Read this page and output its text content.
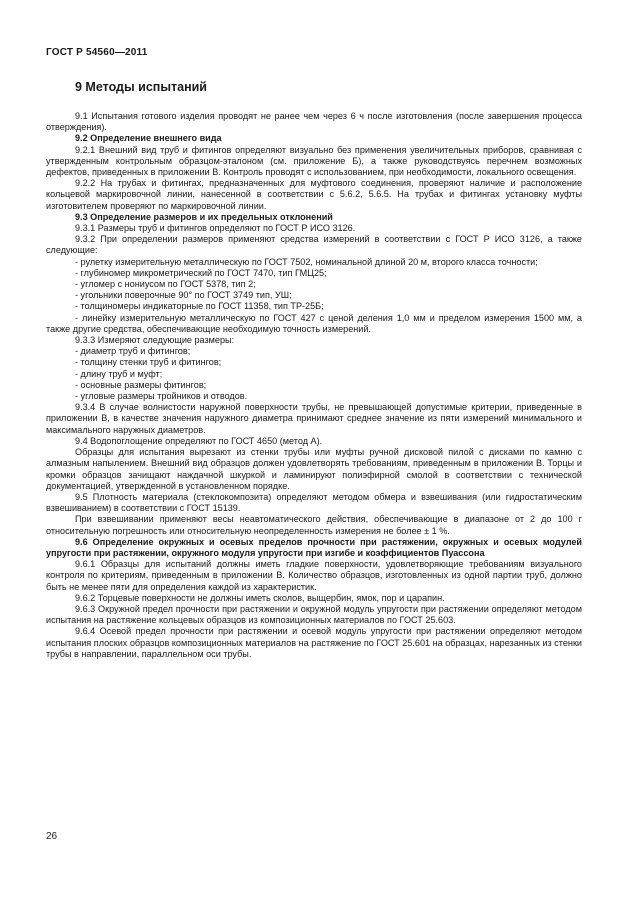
ГОСТ Р 54560—2011
9 Методы испытаний

9.1 Испытания готового изделия проводят не ранее чем через 6 ч после изготовления (после завершения процесса отверждения).

9.2 Определение внешнего вида

9.2.1 Внешний вид труб и фитингов определяют визуально без применения увеличительных приборов, сравнивая с утвержденным контрольным образцом-эталоном (см. приложение Б), а также руководствуясь перечнем возможных дефектов, приведенных в приложении В. Контроль проводят с использованием, при необходимости, локального освещения.

9.2.2 На трубах и фитингах, предназначенных для муфтового соединения, проверяют наличие и расположение кольцевой маркировочной линии, нанесенной в соответствии с 5.6.2, 5.6.5. На трубах и фитингах установку муфты изготовителем проверяют по маркировочной линии.

9.3 Определение размеров и их предельных отклонений

9.3.1 Размеры труб и фитингов определяют по ГОСТ Р ИСО 3126.

9.3.2 При определении размеров применяют средства измерений в соответствии с ГОСТ Р ИСО 3126, а также следующие:

- рулетку измерительную металлическую по ГОСТ 7502, номинальной длиной 20 м, второго класса точности;

- глубиномер микрометрический по ГОСТ 7470, тип ГМЦ25;

- угломер с нониусом по ГОСТ 5378, тип 2;

- угольники поверочные 90° по ГОСТ 3749 тип, УШ;

- толщиномеры индикаторные по ГОСТ 11358, тип ТР-25Б;

- линейку измерительную металлическую по ГОСТ 427 с ценой деления 1,0 мм и пределом измерения 1500 мм, а также другие средства, обеспечивающие необходимую точность измерений.

9.3.3 Измеряют следующие размеры:

- диаметр труб и фитингов;

- толщину стенки труб и фитингов;

- длину труб и муфт;

- основные размеры фитингов;

- угловые размеры тройников и отводов.

9.3.4 В случае волнистости наружной поверхности трубы, не превышающей допустимые критерии, приведенные в приложении В, в качестве значения наружного диаметра принимают среднее значение из пяти измерений минимального и максимального наружных диаметров.

9.4 Водопоглощение определяют по ГОСТ 4650 (метод А).

Образцы для испытания вырезают из стенки трубы или муфты ручной дисковой пилой с дисками по камню с алмазным напылением. Внешний вид образцов должен удовлетворять требованиям, приведенным в приложении В. Торцы и кромки образцов зачищают наждачной шкуркой и ламинируют полиэфирной смолой в соответствии с технической документацией, утвержденной в установленном порядке.

9.5 Плотность материала (стеклокомпозита) определяют методом обмера и взвешивания (или гидростатическим взвешиванием) в соответствии с ГОСТ 15139.

При взвешивании применяют весы неавтоматического действия, обеспечивающие в диапазоне от 2 до 100 г относительную погрешность или относительную неопределенность измерения не более ± 1 %.

9.6 Определение окружных и осевых пределов прочности при растяжении, окружных и осевых модулей упругости при растяжении, окружного модуля упругости при изгибе и коэффициентов Пуассона

9.6.1 Образцы для испытаний должны иметь гладкие поверхности, удовлетворяющие требованиям визуального контроля по критериям, приведенным в приложении В. Количество образцов, изготовленных из одной партии труб, должно быть не менее пяти для определения каждой из характеристик.

9.6.2 Торцевые поверхности не должны иметь сколов, выщербин, ямок, пор и царапин.

9.6.3 Окружной предел прочности при растяжении и окружной модуль упругости при растяжении определяют методом испытания на растяжение кольцевых образцов из композиционных материалов по ГОСТ 25.603.

9.6.4 Осевой предел прочности при растяжении и осевой модуль упругости при растяжении определяют методом испытания плоских образцов композиционных материалов на растяжение по ГОСТ 25.601 на образцах, нарезанных из стенки трубы в направлении, параллельном оси трубы.

26
